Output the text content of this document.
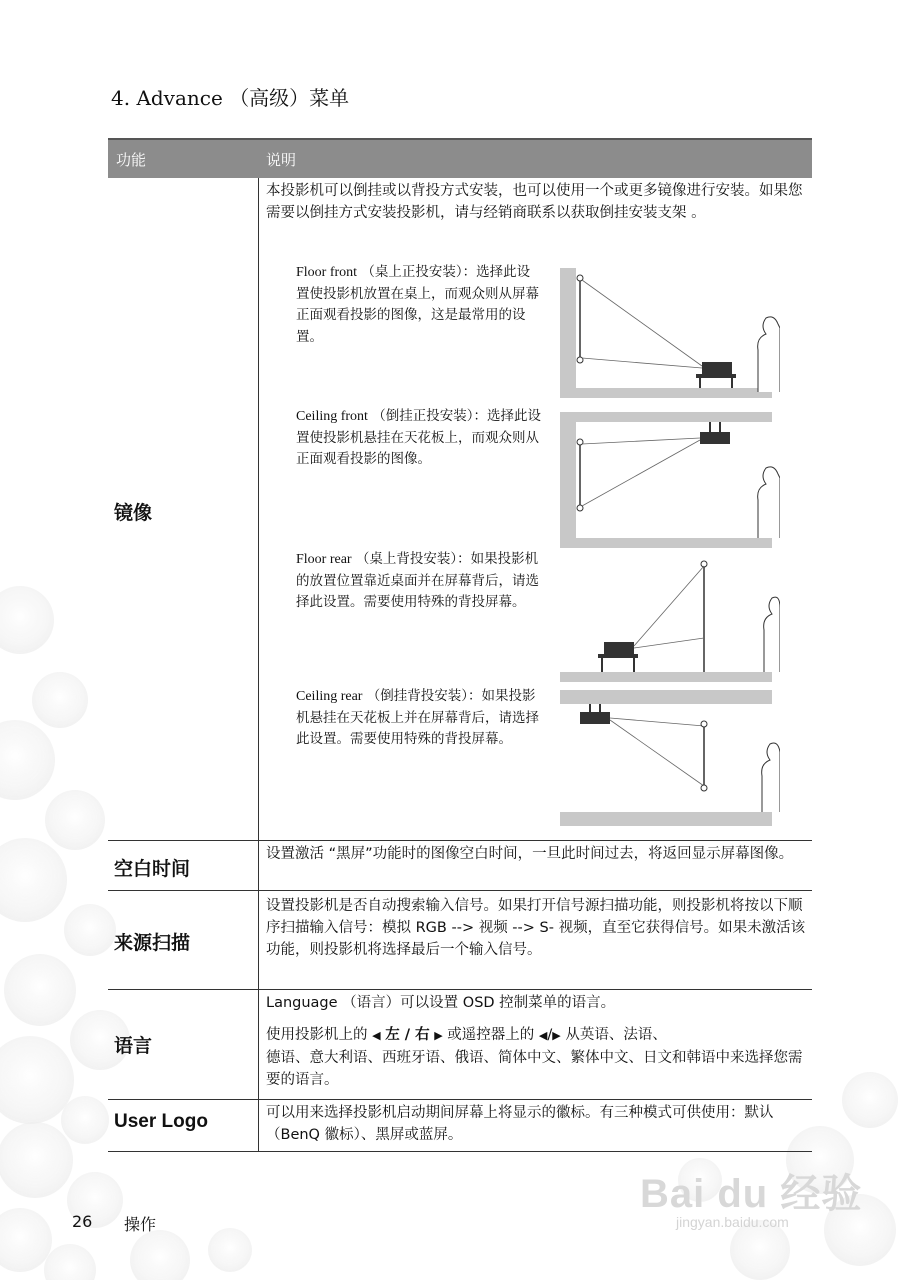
4. Advance （高级）菜单
功能	说明
镜像
本投影机可以倒挂或以背投方式安装，也可以使用一个或更多镜像进行安装。如果您需要以倒挂方式安装投影机，请与经销商联系以获取倒挂安装支架 。
Floor front （桌上正投安装）：选择此设置使投影机放置在桌上，而观众则从屏幕正面观看投影的图像，这是最常用的设置。
Ceiling front （倒挂正投安装）：选择此设置使投影机悬挂在天花板上，而观众则从正面观看投影的图像。
Floor rear （桌上背投安装）：如果投影机的放置位置靠近桌面并在屏幕背后，请选择此设置。需要使用特殊的背投屏幕。
Ceiling rear （倒挂背投安装）：如果投影机悬挂在天花板上并在屏幕背后，请选择此设置。需要使用特殊的背投屏幕。
空白时间
设置激活 “黑屏”功能时的图像空白时间，一旦此时间过去，将返回显示屏幕图像。
来源扫描
设置投影机是否自动搜索输入信号。如果打开信号源扫描功能，则投影机将按以下顺序扫描输入信号：模拟 RGB --> 视频 --> S- 视频，直至它获得信号。如果未激活该功能，则投影机将选择最后一个输入信号。
语言

Language （语言）可以设置 OSD 控制菜单的语言。

使用投影机上的 ◀ 左 / 右 ▶ 或遥控器上的 ◀/▶ 从英语、法语、

德语、意大利语、西班牙语、俄语、简体中文、繁体中文、日文和韩语中来选择您需要的语言。

User Logo	可以用来选择投影机启动期间屏幕上将显示的徽标。有三种模式可供使用：默认 （BenQ 徽标）、黑屏或蓝屏。
26 操作
Bai du 经验
jingyan.baidu.com
